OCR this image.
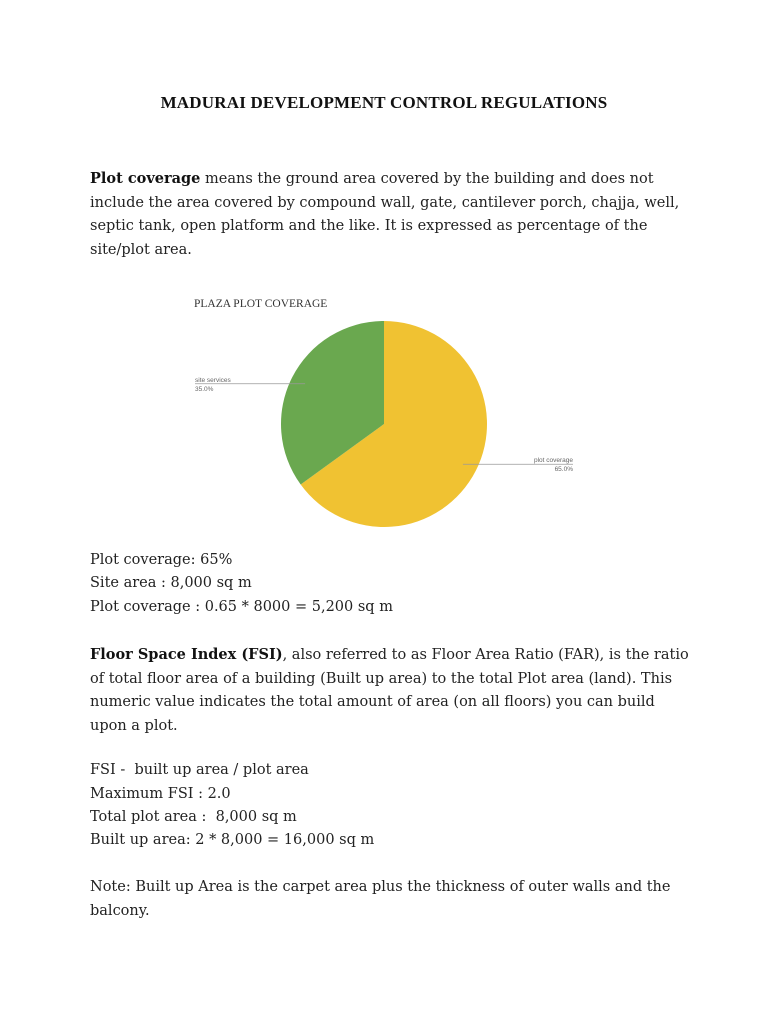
MADURAI DEVELOPMENT CONTROL REGULATIONS
Plot coverage means the ground area covered by the building and does not include the area covered by compound wall, gate, cantilever porch, chajja, well, septic tank, open platform and the like. It is expressed as percentage of the site/plot area.
PLAZA PLOT COVERAGE
plot coverage
65.0%
site services
35.0%
Plot coverage: 65%
Site area : 8,000 sq m
Plot coverage : 0.65 * 8000 = 5,200 sq m
Floor Space Index (FSI), also referred to as Floor Area Ratio (FAR), is the ratio of total floor area of a building (Built up area) to the total Plot area (land). This numeric value indicates the total amount of area (on all floors) you can build upon a plot.
FSI -  built up area / plot area
Maximum FSI : 2.0
Total plot area :  8,000 sq m
Built up area: 2 * 8,000 = 16,000 sq m
Note: Built up Area is the carpet area plus the thickness of outer walls and the balcony.
